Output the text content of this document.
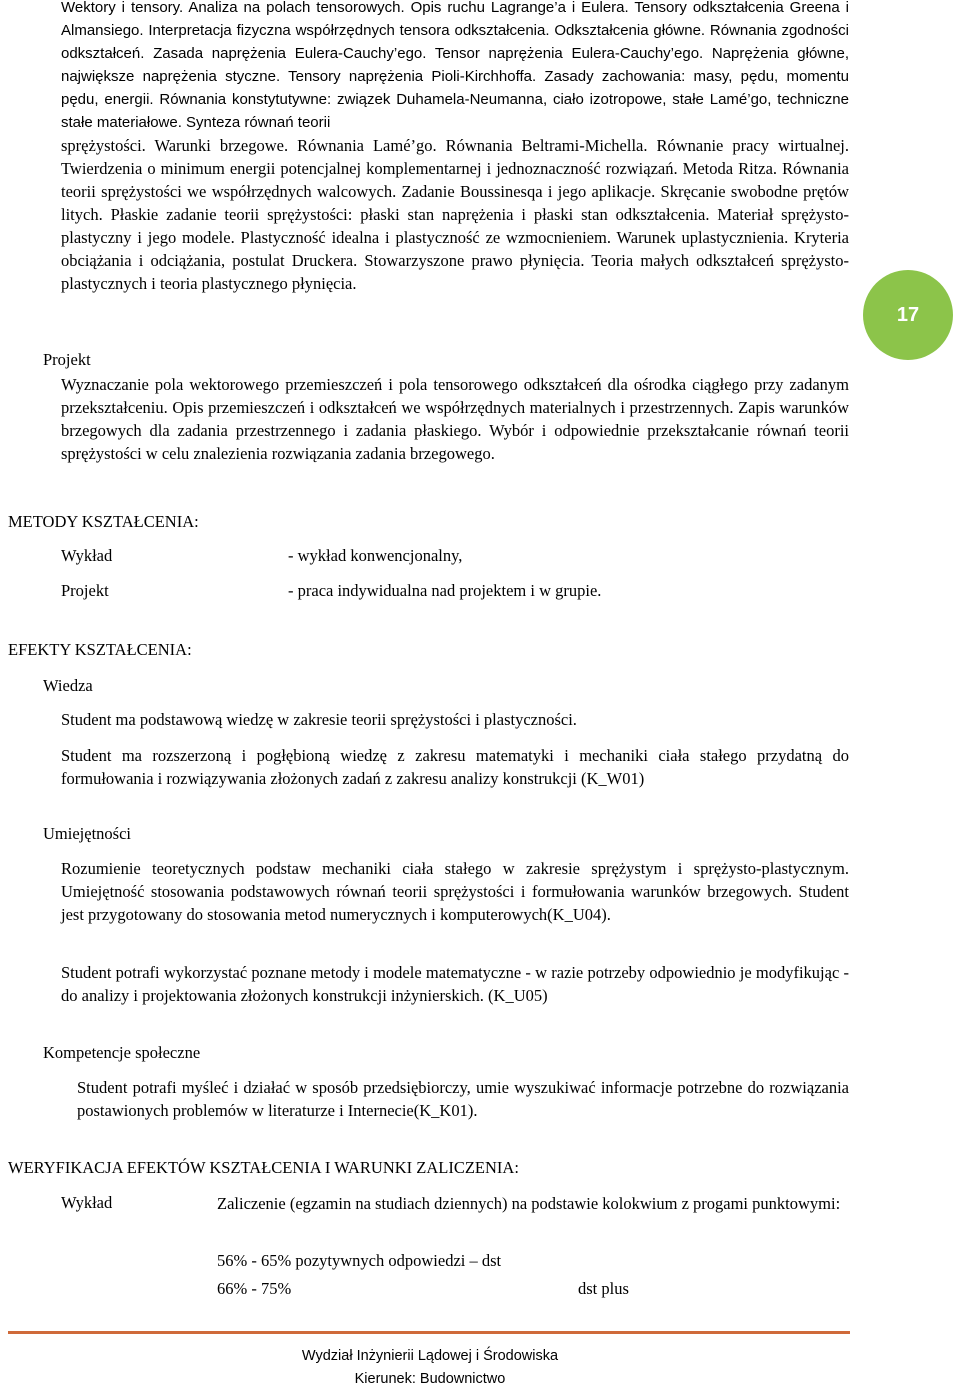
Wektory i tensory. Analiza na polach tensorowych. Opis ruchu Lagrange’a i Eulera. Tensory odkształcenia Greena i Almansiego. Interpretacja fizyczna współrzędnych tensora odkształcenia. Odkształcenia główne. Równania zgodności odkształceń. Zasada naprężenia Eulera-Cauchy’ego. Tensor naprężenia Eulera-Cauchy’ego. Naprężenia główne, największe naprężenia styczne. Tensory naprężenia Pioli-Kirchhoffa. Zasady zachowania: masy, pędu, momentu pędu, energii. Równania konstytutywne: związek Duhamela-Neumanna, ciało izotropowe, stałe Lamé’go, techniczne stałe materiałowe. Synteza równań teorii
sprężystości. Warunki brzegowe. Równania Lamé’go. Równania Beltrami-Michella. Równanie pracy wirtualnej. Twierdzenia o minimum energii potencjalnej komplementarnej i jednoznaczność rozwiązań. Metoda Ritza. Równania teorii sprężystości we współrzędnych walcowych. Zadanie Boussinesqa i jego aplikacje. Skręcanie swobodne prętów litych. Płaskie zadanie teorii sprężystości: płaski stan naprężenia i płaski stan odkształcenia. Materiał sprężysto-plastyczny i jego modele. Plastyczność idealna i plastyczność ze wzmocnieniem. Warunek uplastycznienia. Kryteria obciążania i odciążania, postulat Druckera. Stowarzyszone prawo płynięcia. Teoria małych odkształceń sprężysto-plastycznych i teoria plastycznego płynięcia.
17

Projekt

Wyznaczanie pola wektorowego przemieszczeń i pola tensorowego odkształceń dla ośrodka ciągłego przy zadanym przekształceniu. Opis przemieszczeń i odkształceń we współrzędnych materialnych i przestrzennych. Zapis warunków brzegowych dla zadania przestrzennego i zadania płaskiego. Wybór i odpowiednie przekształcanie równań teorii sprężystości w celu znalezienia rozwiązania zadania brzegowego.

METODY KSZTAŁCENIA:

Wykład	- wykład konwencjonalny,
Projekt	- praca indywidualna nad projektem i w grupie.

EFEKTY KSZTAŁCENIA:

Wiedza

Student ma podstawową wiedzę w zakresie teorii sprężystości i plastyczności.

Student ma rozszerzoną i pogłębioną wiedzę z zakresu matematyki i mechaniki ciała stałego przydatną do formułowania i rozwiązywania złożonych zadań z zakresu analizy konstrukcji (K_W01)

Umiejętności

Rozumienie teoretycznych podstaw mechaniki ciała stałego w zakresie sprężystym i sprężysto-plastycznym. Umiejętność stosowania podstawowych równań teorii sprężystości i formułowania warunków brzegowych. Student jest przygotowany do stosowania metod numerycznych i komputerowych(K_U04).

Student potrafi wykorzystać poznane metody i modele matematyczne - w razie potrzeby odpowiednio je modyfikując - do analizy i projektowania złożonych konstrukcji inżynierskich. (K_U05)

Kompetencje społeczne

Student potrafi myśleć i działać w sposób przedsiębiorczy, umie wyszukiwać informacje potrzebne do rozwiązania postawionych problemów w literaturze i Internecie(K_K01).

WERYFIKACJA EFEKTÓW KSZTAŁCENIA I WARUNKI ZALICZENIA:

Wykład	Zaliczenie (egzamin na studiach dziennych) na podstawie kolokwium z progami punktowymi:

56% - 65% pozytywnych odpowiedzi – dst
66% - 75%	dst plus
Wydział Inżynierii Lądowej i Środowiska
Kierunek: Budownictwo
